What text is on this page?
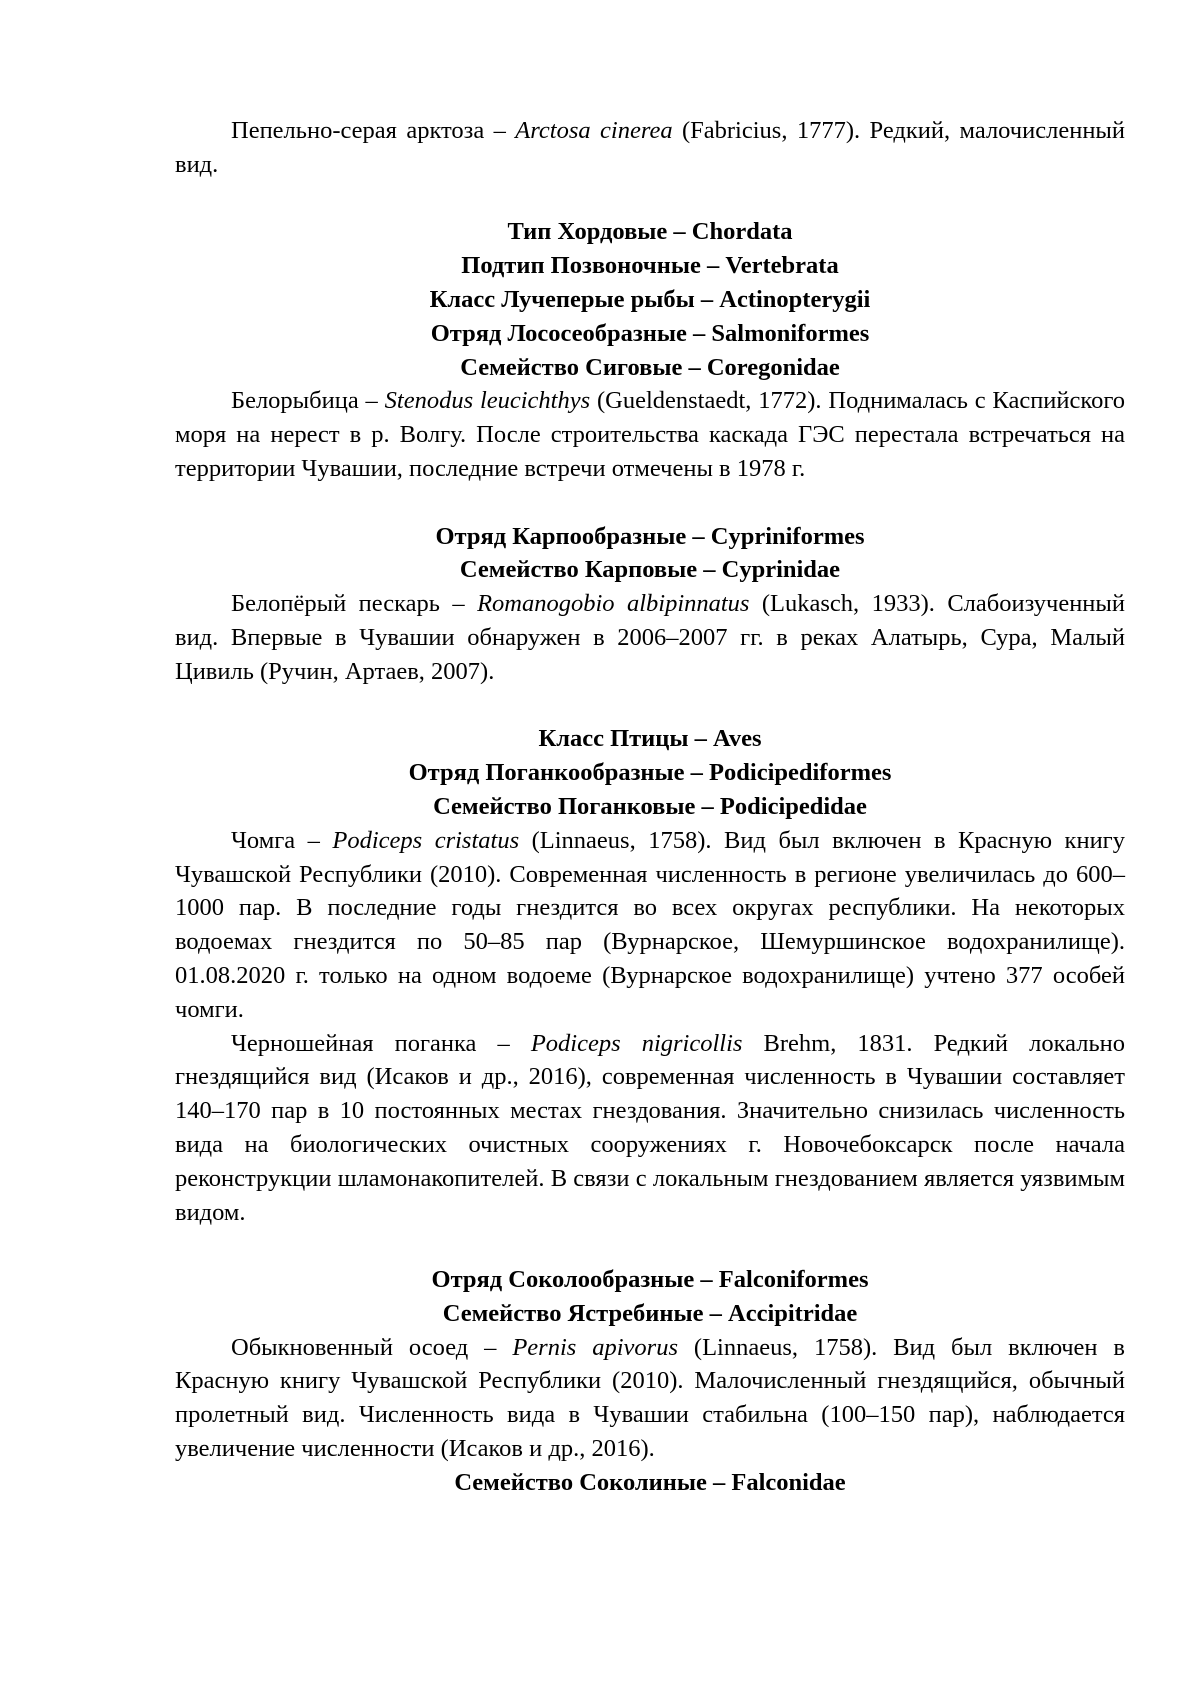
Пепельно-серая арктоза – Arctosa cinerea (Fabricius, 1777). Редкий, малочисленный вид.

Тип Хордовые – Chordata
Подтип Позвоночные – Vertebrata
Класс Лучеперые рыбы – Actinopterygii
Отряд Лососеобразные – Salmoniformes
Семейство Сиговые – Coregonidae

Белорыбица – Stenodus leucichthys (Gueldenstaedt, 1772). Поднималась с Каспийского моря на нерест в р. Волгу. После строительства каскада ГЭС перестала встречаться на территории Чувашии, последние встречи отмечены в 1978 г.

Отряд Карпообразные – Cypriniformes
Семейство Карповые – Cyprinidae

Белопёрый пескарь – Romanogobio albipinnatus (Lukasch, 1933). Слабоизученный вид. Впервые в Чувашии обнаружен в 2006–2007 гг. в реках Алатырь, Сура, Малый Цивиль (Ручин, Артаев, 2007).

Класс Птицы – Aves
Отряд Поганкообразные – Podicipediformes
Семейство Поганковые – Podicipedidae

Чомга – Podiceps cristatus (Linnaeus, 1758). Вид был включен в Красную книгу Чувашской Республики (2010). Современная численность в регионе увеличилась до 600–1000 пар. В последние годы гнездится во всех округах республики. На некоторых водоемах гнездится по 50–85 пар (Вурнарское, Шемуршинское водохранилище). 01.08.2020 г. только на одном водоеме (Вурнарское водохранилище) учтено 377 особей чомги.

Черношейная поганка – Podiceps nigricollis Brehm, 1831. Редкий локально гнездящийся вид (Исаков и др., 2016), современная численность в Чувашии составляет 140–170 пар в 10 постоянных местах гнездования. Значительно снизилась численность вида на биологических очистных сооружениях г. Новочебоксарск после начала реконструкции шламонакопителей. В связи с локальным гнездованием является уязвимым видом.

Отряд Соколообразные – Falconiformes
Семейство Ястребиные – Accipitridae

Обыкновенный осоед – Pernis apivorus (Linnaeus, 1758). Вид был включен в Красную книгу Чувашской Республики (2010). Малочисленный гнездящийся, обычный пролетный вид. Численность вида в Чувашии стабильна (100–150 пар), наблюдается увеличение численности (Исаков и др., 2016).

Семейство Соколиные – Falconidae
